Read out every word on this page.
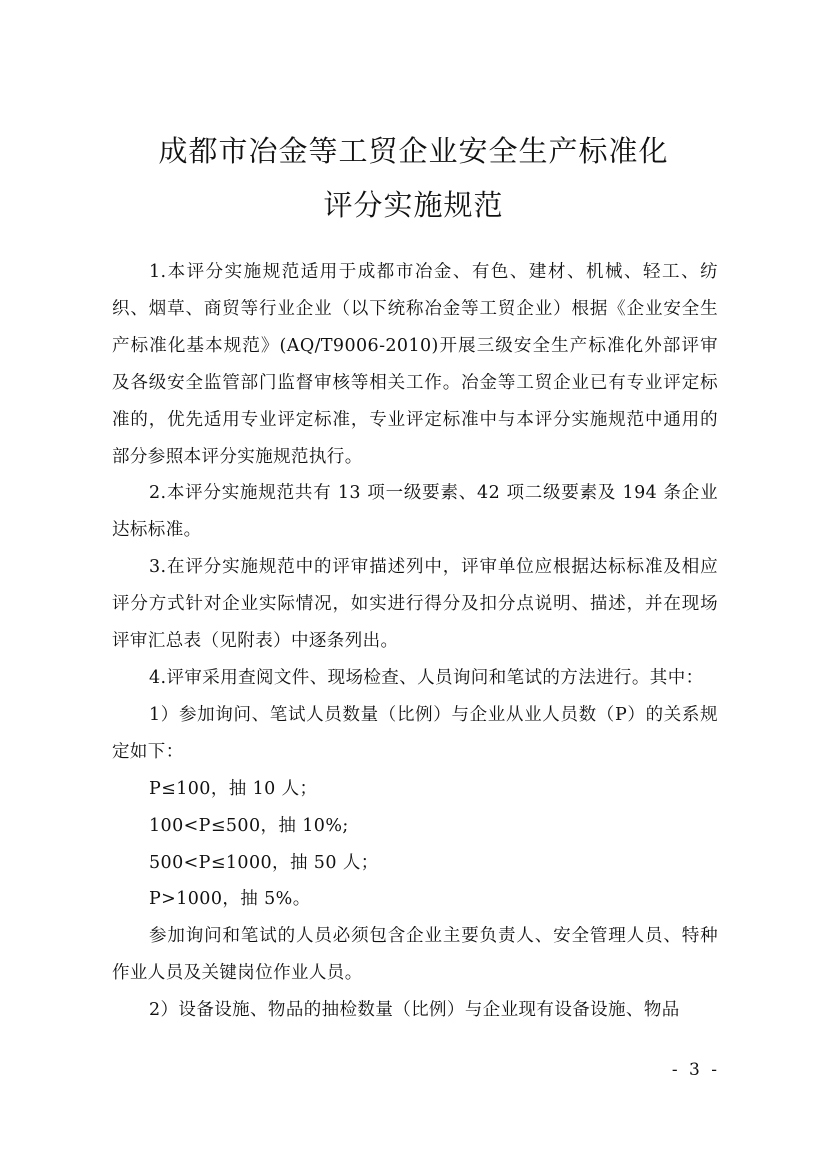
成都市冶金等工贸企业安全生产标准化

评分实施规范

1.本评分实施规范适用于成都市冶金、有色、建材、机械、轻工、纺织、烟草、商贸等行业企业（以下统称冶金等工贸企业）根据《企业安全生产标准化基本规范》(AQ/T9006-2010)开展三级安全生产标准化外部评审及各级安全监管部门监督审核等相关工作。冶金等工贸企业已有专业评定标准的，优先适用专业评定标准，专业评定标准中与本评分实施规范中通用的部分参照本评分实施规范执行。

2.本评分实施规范共有 13 项一级要素、42 项二级要素及 194 条企业达标标准。

3.在评分实施规范中的评审描述列中，评审单位应根据达标标准及相应评分方式针对企业实际情况，如实进行得分及扣分点说明、描述，并在现场评审汇总表（见附表）中逐条列出。

4.评审采用查阅文件、现场检查、人员询问和笔试的方法进行。其中：

1）参加询问、笔试人员数量（比例）与企业从业人员数（P）的关系规定如下：

P≤100，抽 10 人；

100<P≤500，抽 10%;

500<P≤1000，抽 50 人；

P>1000，抽 5%。

参加询问和笔试的人员必须包含企业主要负责人、安全管理人员、特种作业人员及关键岗位作业人员。

2）设备设施、物品的抽检数量（比例）与企业现有设备设施、物品

- 3 -
